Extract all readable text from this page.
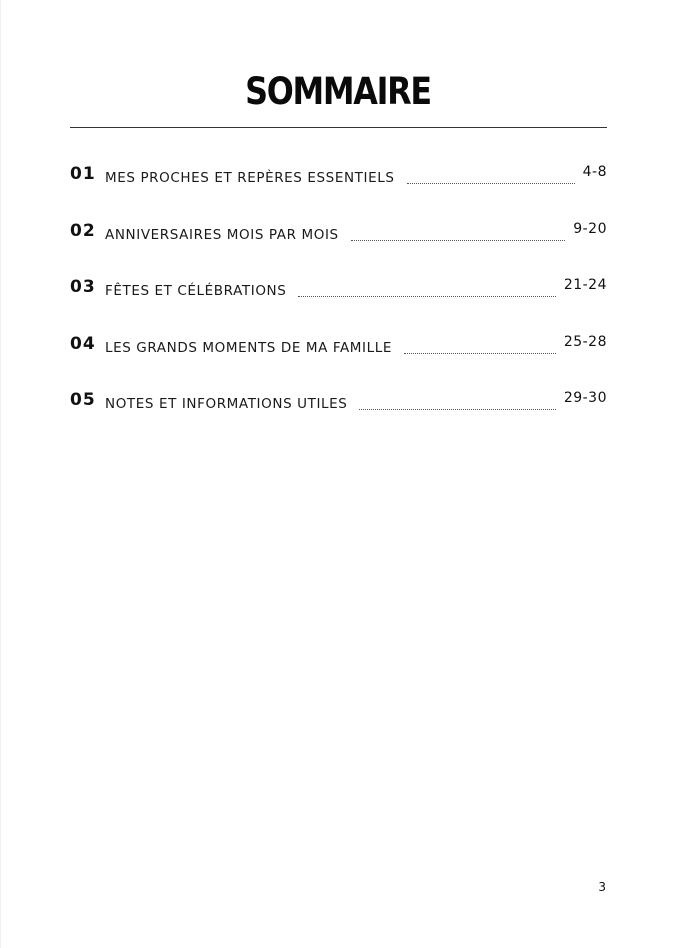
SOMMAIRE
01 MES PROCHES ET REPÈRES ESSENTIELS	4-8
02 ANNIVERSAIRES MOIS PAR MOIS	9-20
03 FÊTES ET CÉLÉBRATIONS	21-24
04 LES GRANDS MOMENTS DE MA FAMILLE	25-28
05 NOTES ET INFORMATIONS UTILES	29-30
3
